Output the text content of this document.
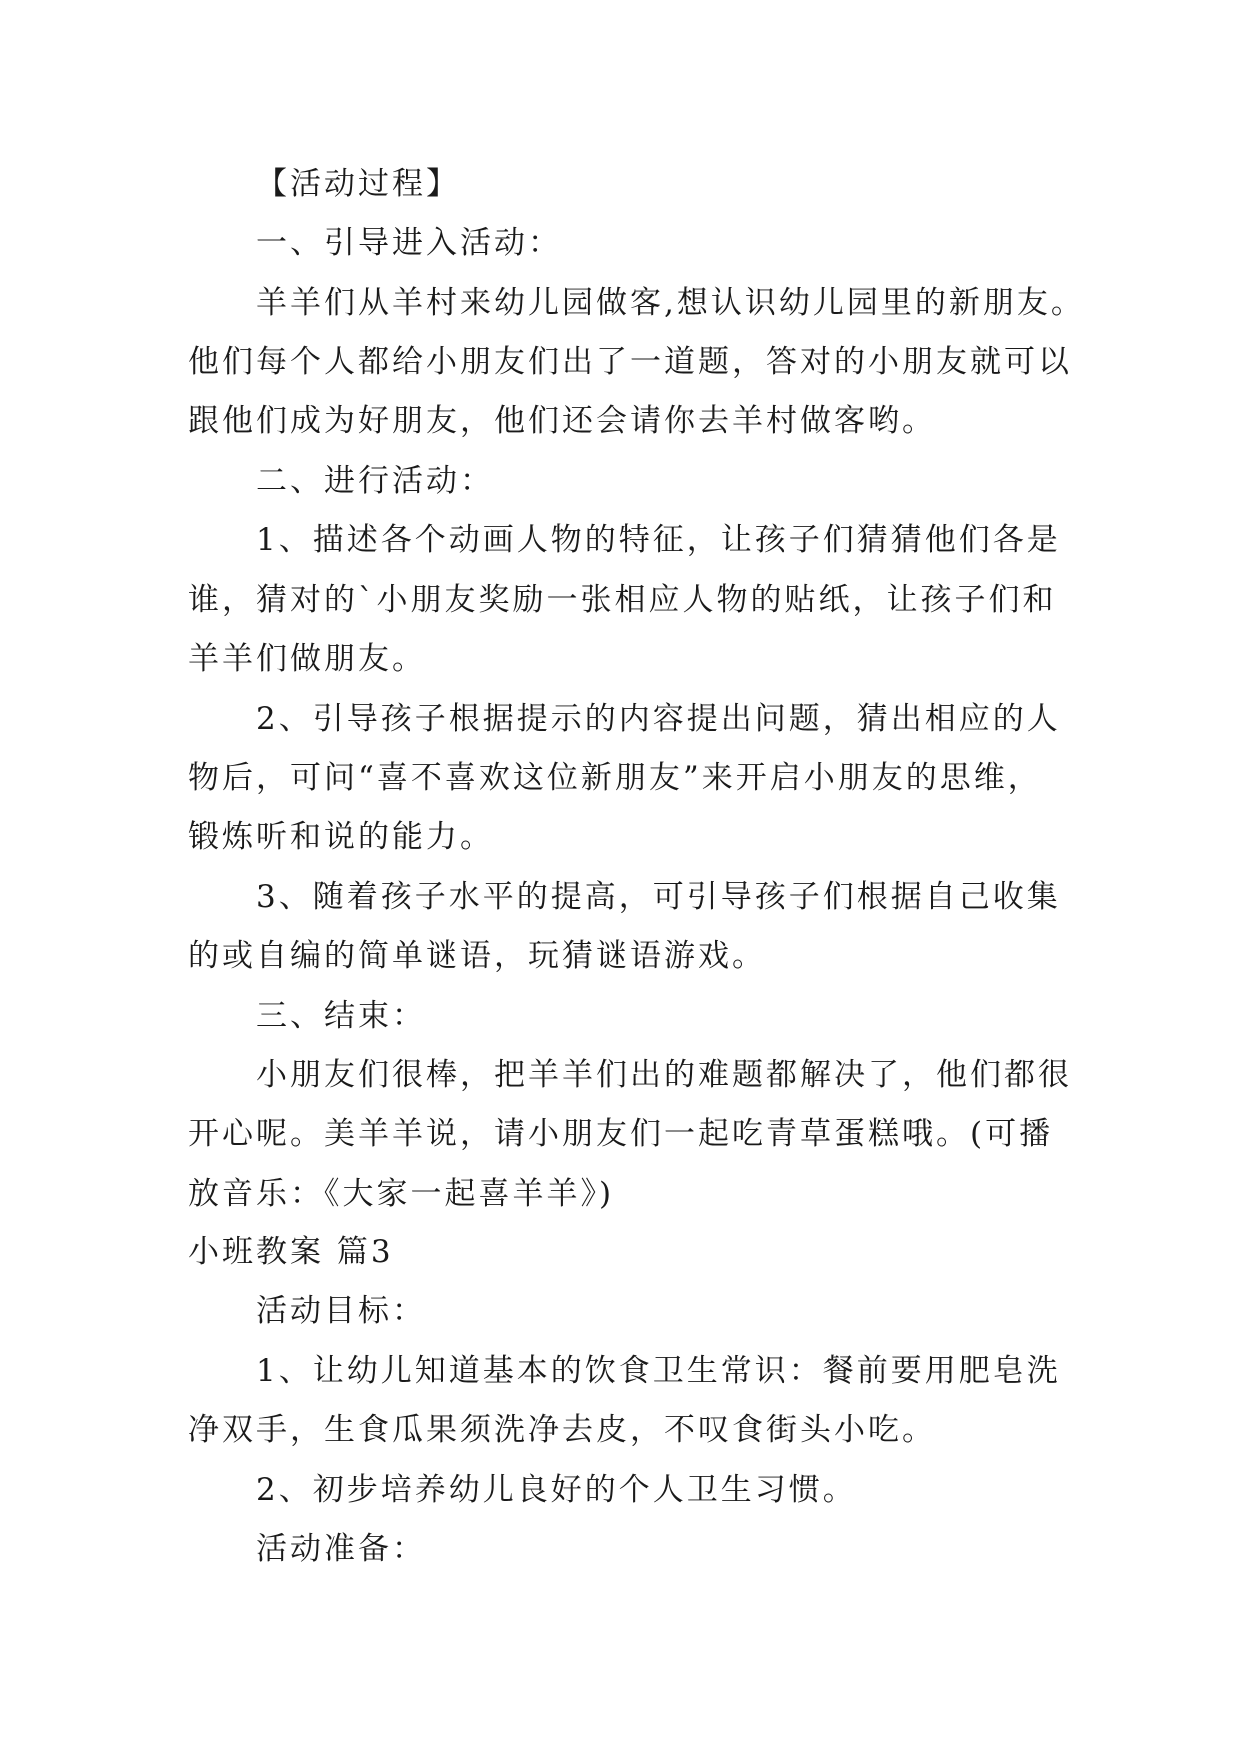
【活动过程】
一、引导进入活动：
羊羊们从羊村来幼儿园做客,想认识幼儿园里的新朋友。
他们每个人都给小朋友们出了一道题，答对的小朋友就可以
跟他们成为好朋友，他们还会请你去羊村做客哟。
二、进行活动：
1、描述各个动画人物的特征，让孩子们猜猜他们各是
谁，猜对的`小朋友奖励一张相应人物的贴纸，让孩子们和
羊羊们做朋友。
2、引导孩子根据提示的内容提出问题，猜出相应的人
物后，可问“喜不喜欢这位新朋友”来开启小朋友的思维，
锻炼听和说的能力。
3、随着孩子水平的提高，可引导孩子们根据自己收集
的或自编的简单谜语，玩猜谜语游戏。
三、结束：
小朋友们很棒，把羊羊们出的难题都解决了，他们都很
开心呢。美羊羊说，请小朋友们一起吃青草蛋糕哦。(可播
放音乐：《大家一起喜羊羊》)
小班教案 篇3
活动目标：
1、让幼儿知道基本的饮食卫生常识：餐前要用肥皂洗
净双手，生食瓜果须洗净去皮，不叹食街头小吃。
2、初步培养幼儿良好的个人卫生习惯。
活动准备：
